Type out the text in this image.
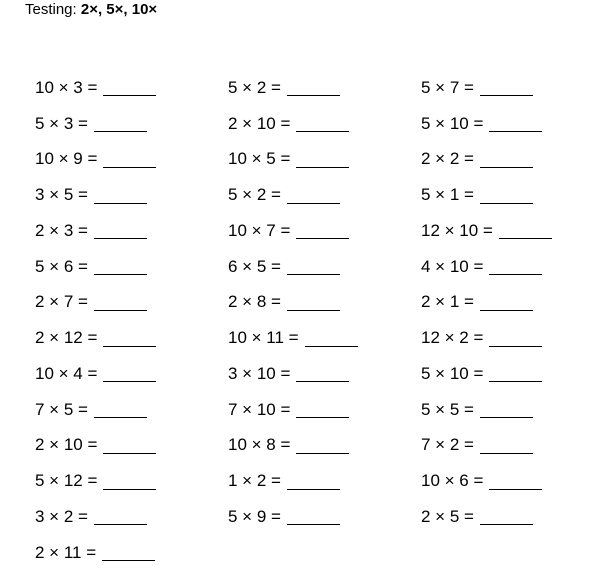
Testing: 2×, 5×, 10×
10 × 3 =
5 × 3 =
10 × 9 =
3 × 5 =
2 × 3 =
5 × 6 =
2 × 7 =
2 × 12 =
10 × 4 =
7 × 5 =
2 × 10 =
5 × 12 =
3 × 2 =
2 × 11 =
5 × 2 =
2 × 10 =
10 × 5 =
5 × 2 =
10 × 7 =
6 × 5 =
2 × 8 =
10 × 11 =
3 × 10 =
7 × 10 =
10 × 8 =
1 × 2 =
5 × 9 =
5 × 7 =
5 × 10 =
2 × 2 =
5 × 1 =
12 × 10 =
4 × 10 =
2 × 1 =
12 × 2 =
5 × 10 =
5 × 5 =
7 × 2 =
10 × 6 =
2 × 5 =
